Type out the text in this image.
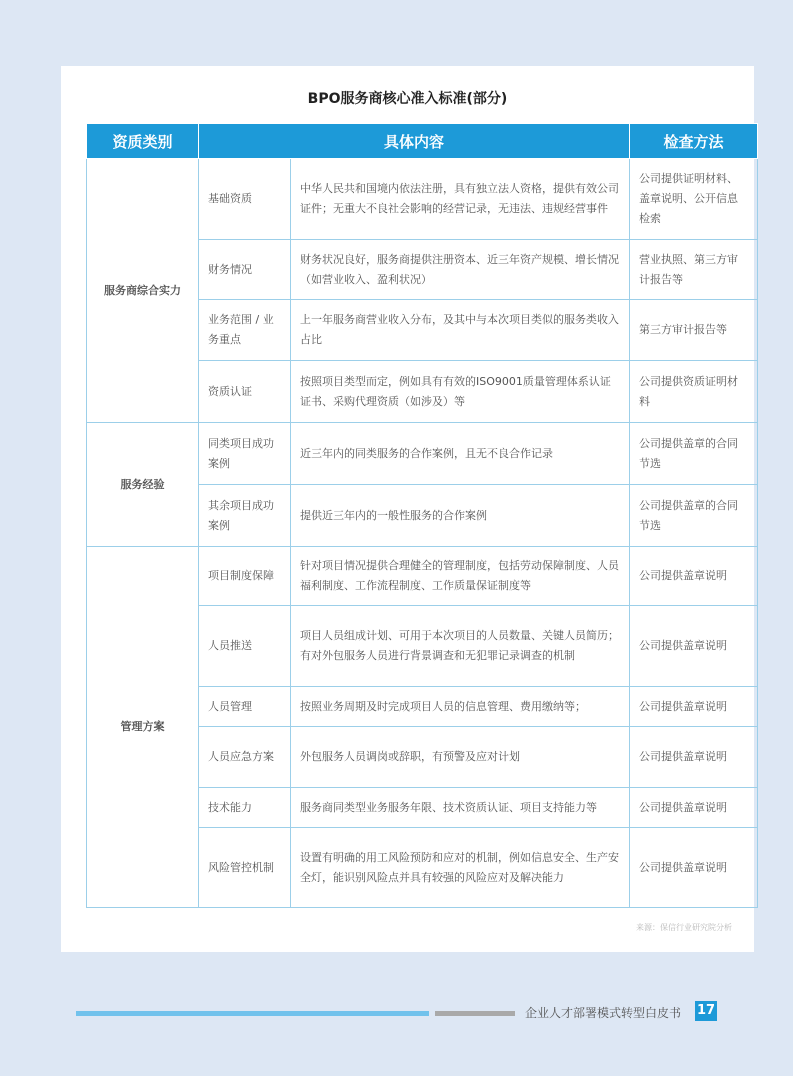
BPO服务商核心准入标准(部分)
资质类别	具体内容		检查方法
服务商综合实力	基础资质	中华人民共和国境内依法注册，具有独立法人资格，提供有效公司证件；无重大不良社会影响的经营记录，无违法、违规经营事件	公司提供证明材料、盖章说明、公开信息检索
	财务情况	财务状况良好，服务商提供注册资本、近三年资产规模、增长情况（如营业收入、盈利状况）	营业执照、第三方审计报告等
	业务范围 / 业务重点	上一年服务商营业收入分布，及其中与本次项目类似的服务类收入占比	第三方审计报告等
	资质认证	按照项目类型而定，例如具有有效的ISO9001质量管理体系认证证书、采购代理资质（如涉及）等	公司提供资质证明材料
服务经验	同类项目成功案例	近三年内的同类服务的合作案例，且无不良合作记录	公司提供盖章的合同节选
	其余项目成功案例	提供近三年内的一般性服务的合作案例	公司提供盖章的合同节选
管理方案	项目制度保障	针对项目情况提供合理健全的管理制度，包括劳动保障制度、人员福利制度、工作流程制度、工作质量保证制度等	公司提供盖章说明
	人员推送	项目人员组成计划、可用于本次项目的人员数量、关键人员简历；有对外包服务人员进行背景调查和无犯罪记录调查的机制	公司提供盖章说明
	人员管理	按照业务周期及时完成项目人员的信息管理、费用缴纳等；	公司提供盖章说明
	人员应急方案	外包服务人员调岗或辞职，有预警及应对计划	公司提供盖章说明
	技术能力	服务商同类型业务服务年限、技术资质认证、项目支持能力等	公司提供盖章说明
	风险管控机制	设置有明确的用工风险预防和应对的机制，例如信息安全、生产安全灯，能识别风险点并具有较强的风险应对及解决能力	公司提供盖章说明
来源：保信行业研究院分析
企业人才部署模式转型白皮书 17
